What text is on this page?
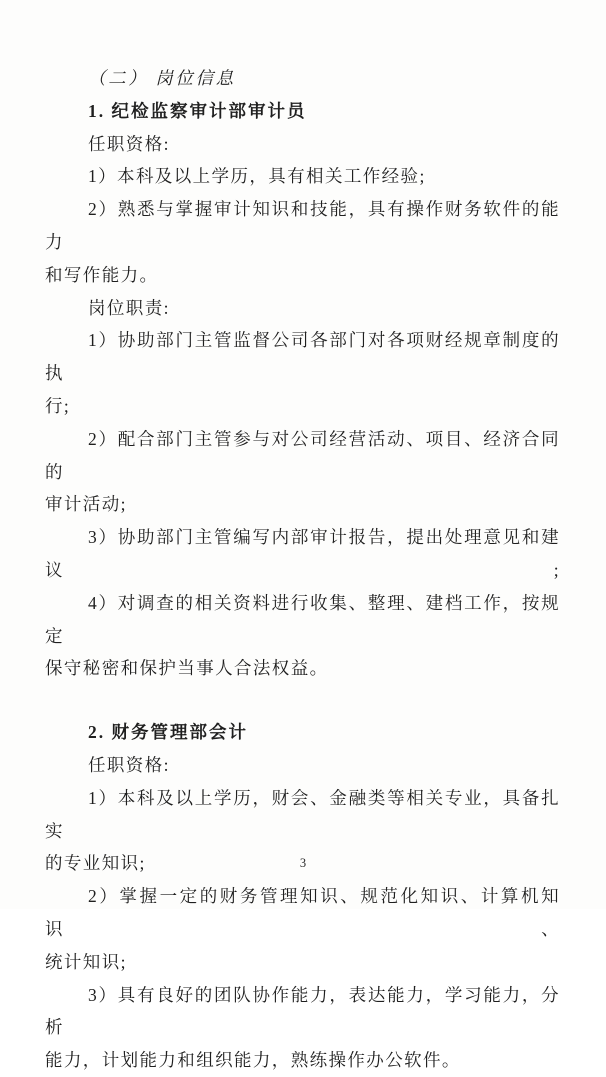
（二） 岗位信息
1. 纪检监察审计部审计员
任职资格:
1）本科及以上学历，具有相关工作经验;
2）熟悉与掌握审计知识和技能，具有操作财务软件的能力
和写作能力。
岗位职责:
1）协助部门主管监督公司各部门对各项财经规章制度的执
行;
2）配合部门主管参与对公司经营活动、项目、经济合同的
审计活动;
3）协助部门主管编写内部审计报告，提出处理意见和建议;
4）对调查的相关资料进行收集、整理、建档工作，按规定
保守秘密和保护当事人合法权益。
2. 财务管理部会计
任职资格:
1）本科及以上学历，财会、金融类等相关专业，具备扎实
的专业知识;
2）掌握一定的财务管理知识、规范化知识、计算机知识、
统计知识;
3）具有良好的团队协作能力，表达能力，学习能力，分析
能力，计划能力和组织能力，熟练操作办公软件。
3
